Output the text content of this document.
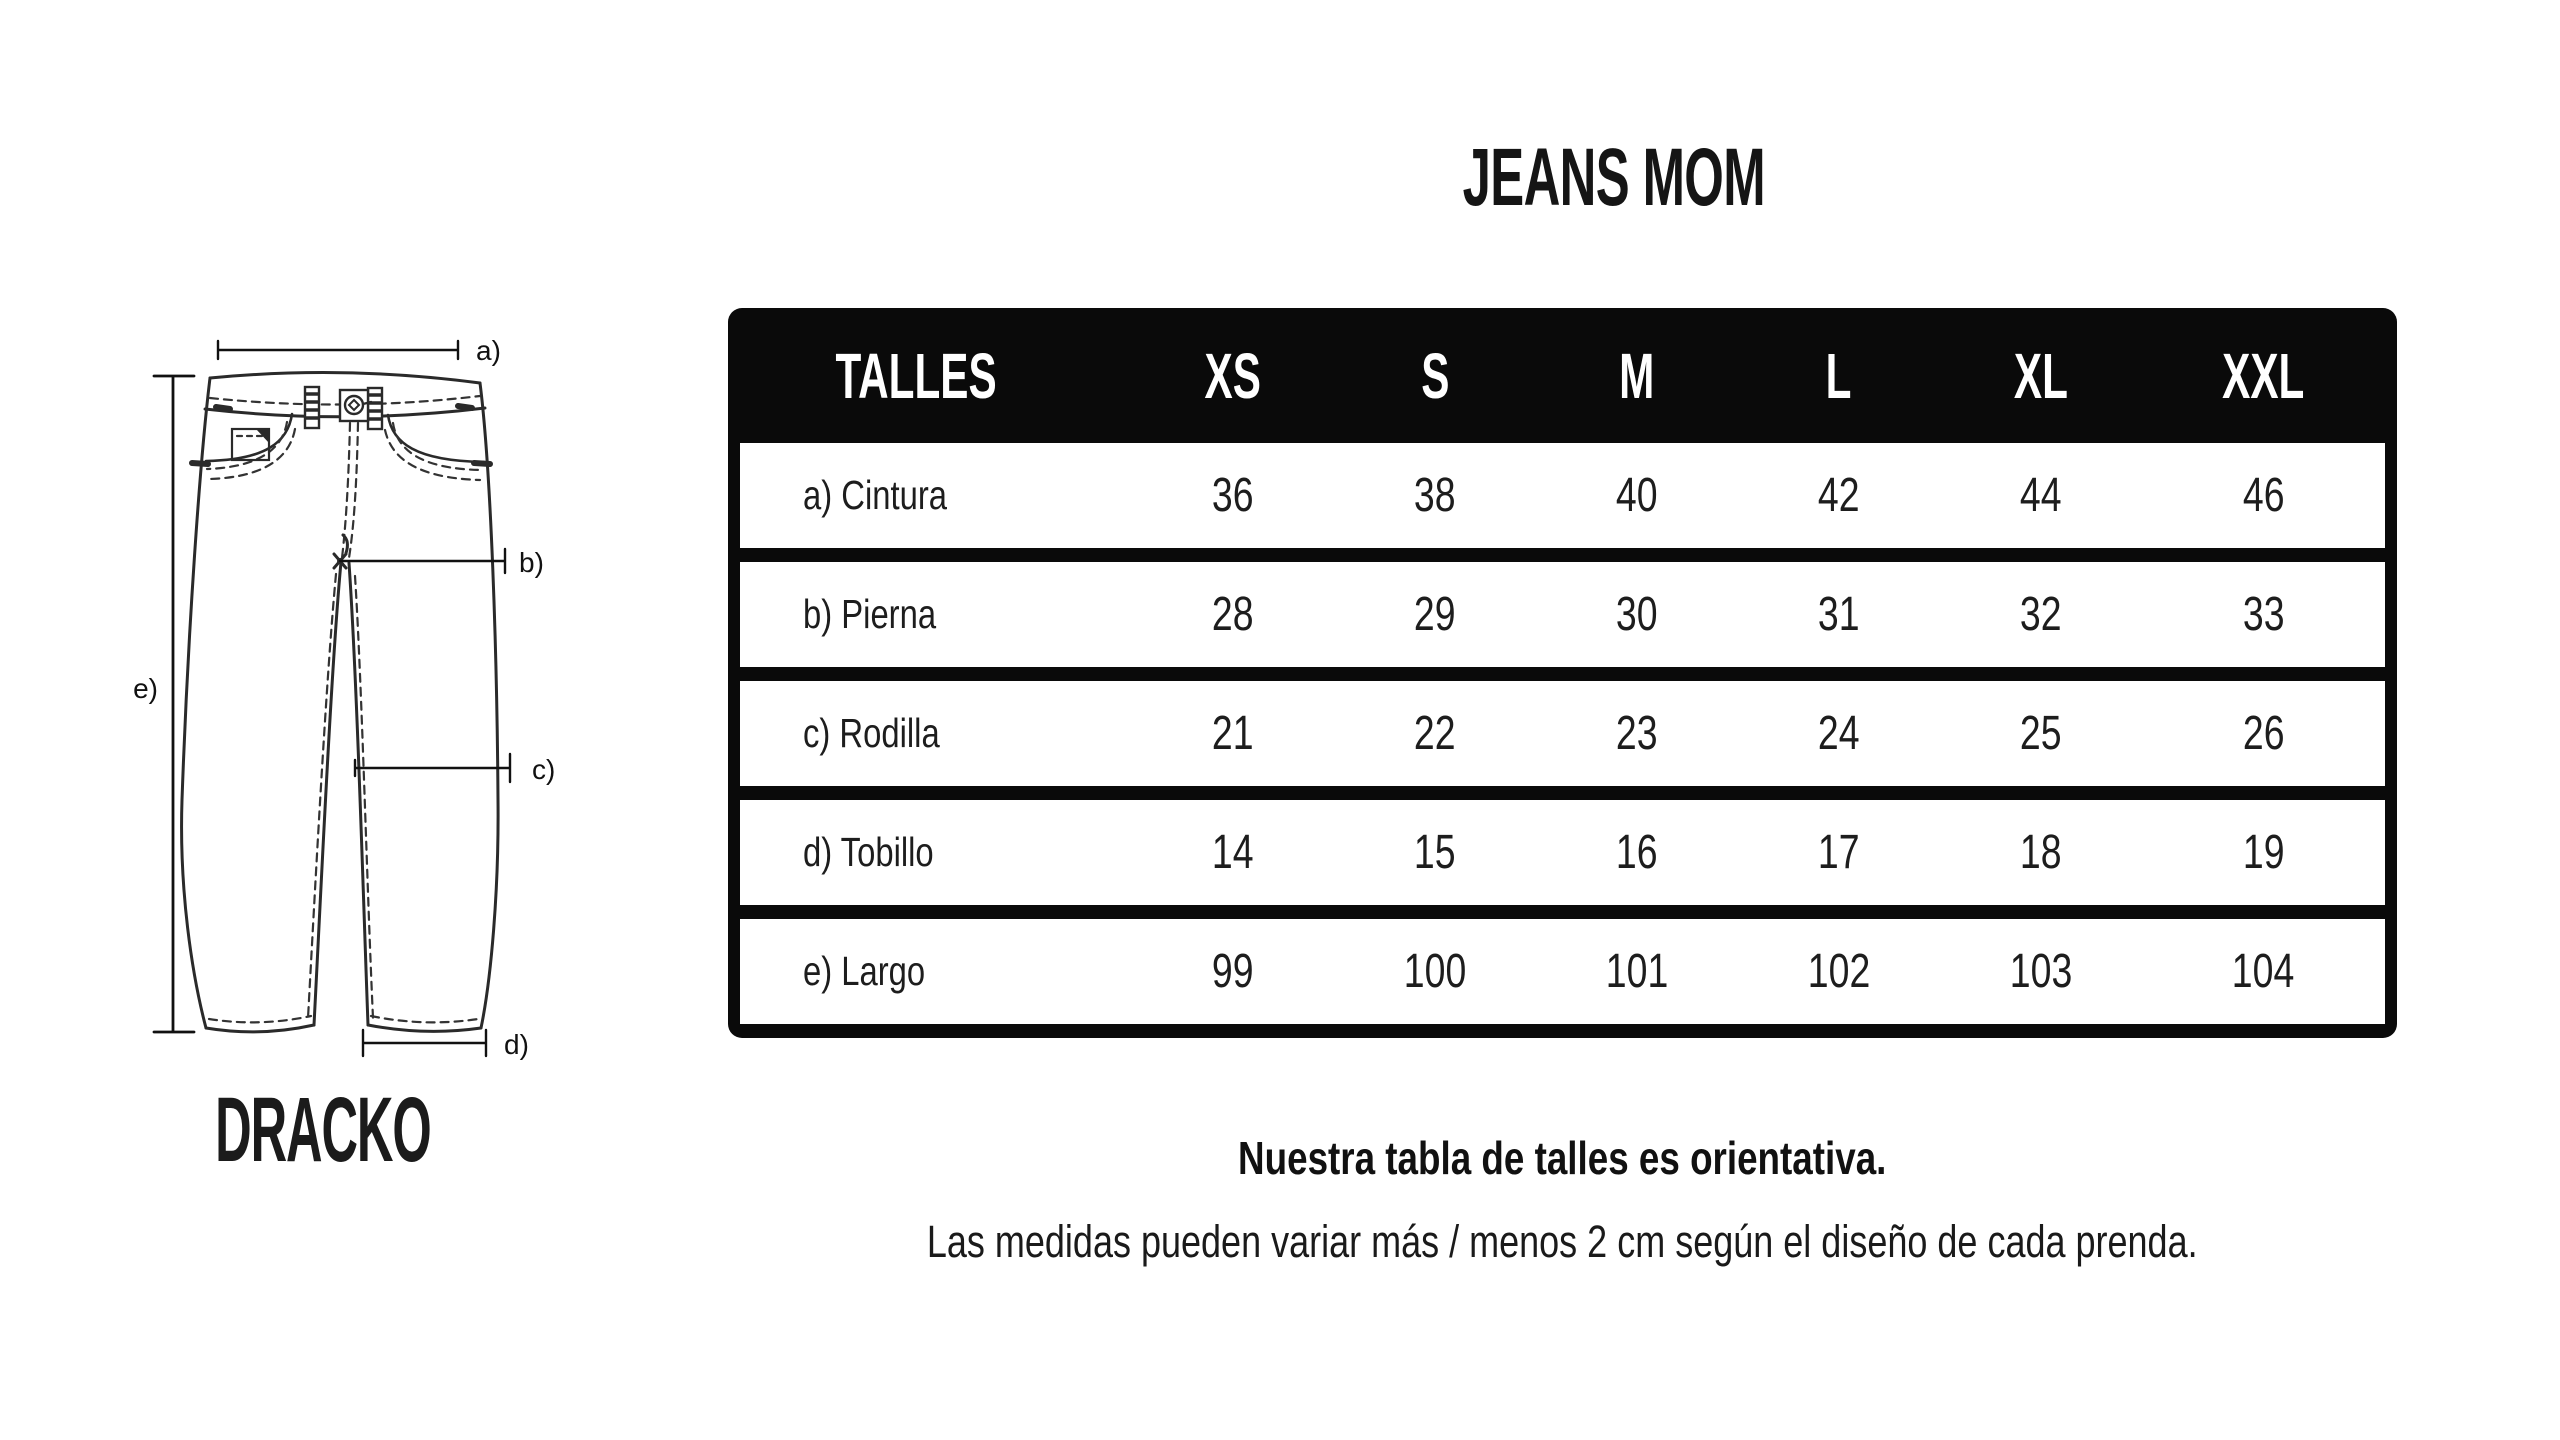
JEANS MOM
a)
b)
c)
d)
e)
DRACKO
TALLES	XS	S	M	L	XL	XXL
a) Cintura	36	38	40	42	44	46
b) Pierna	28	29	30	31	32	33
c) Rodilla	21	22	23	24	25	26
d) Tobillo	14	15	16	17	18	19
e) Largo	99	100	101	102	103	104
Nuestra tabla de talles es orientativa.
Las medidas pueden variar más / menos 2 cm según el diseño de cada prenda.
